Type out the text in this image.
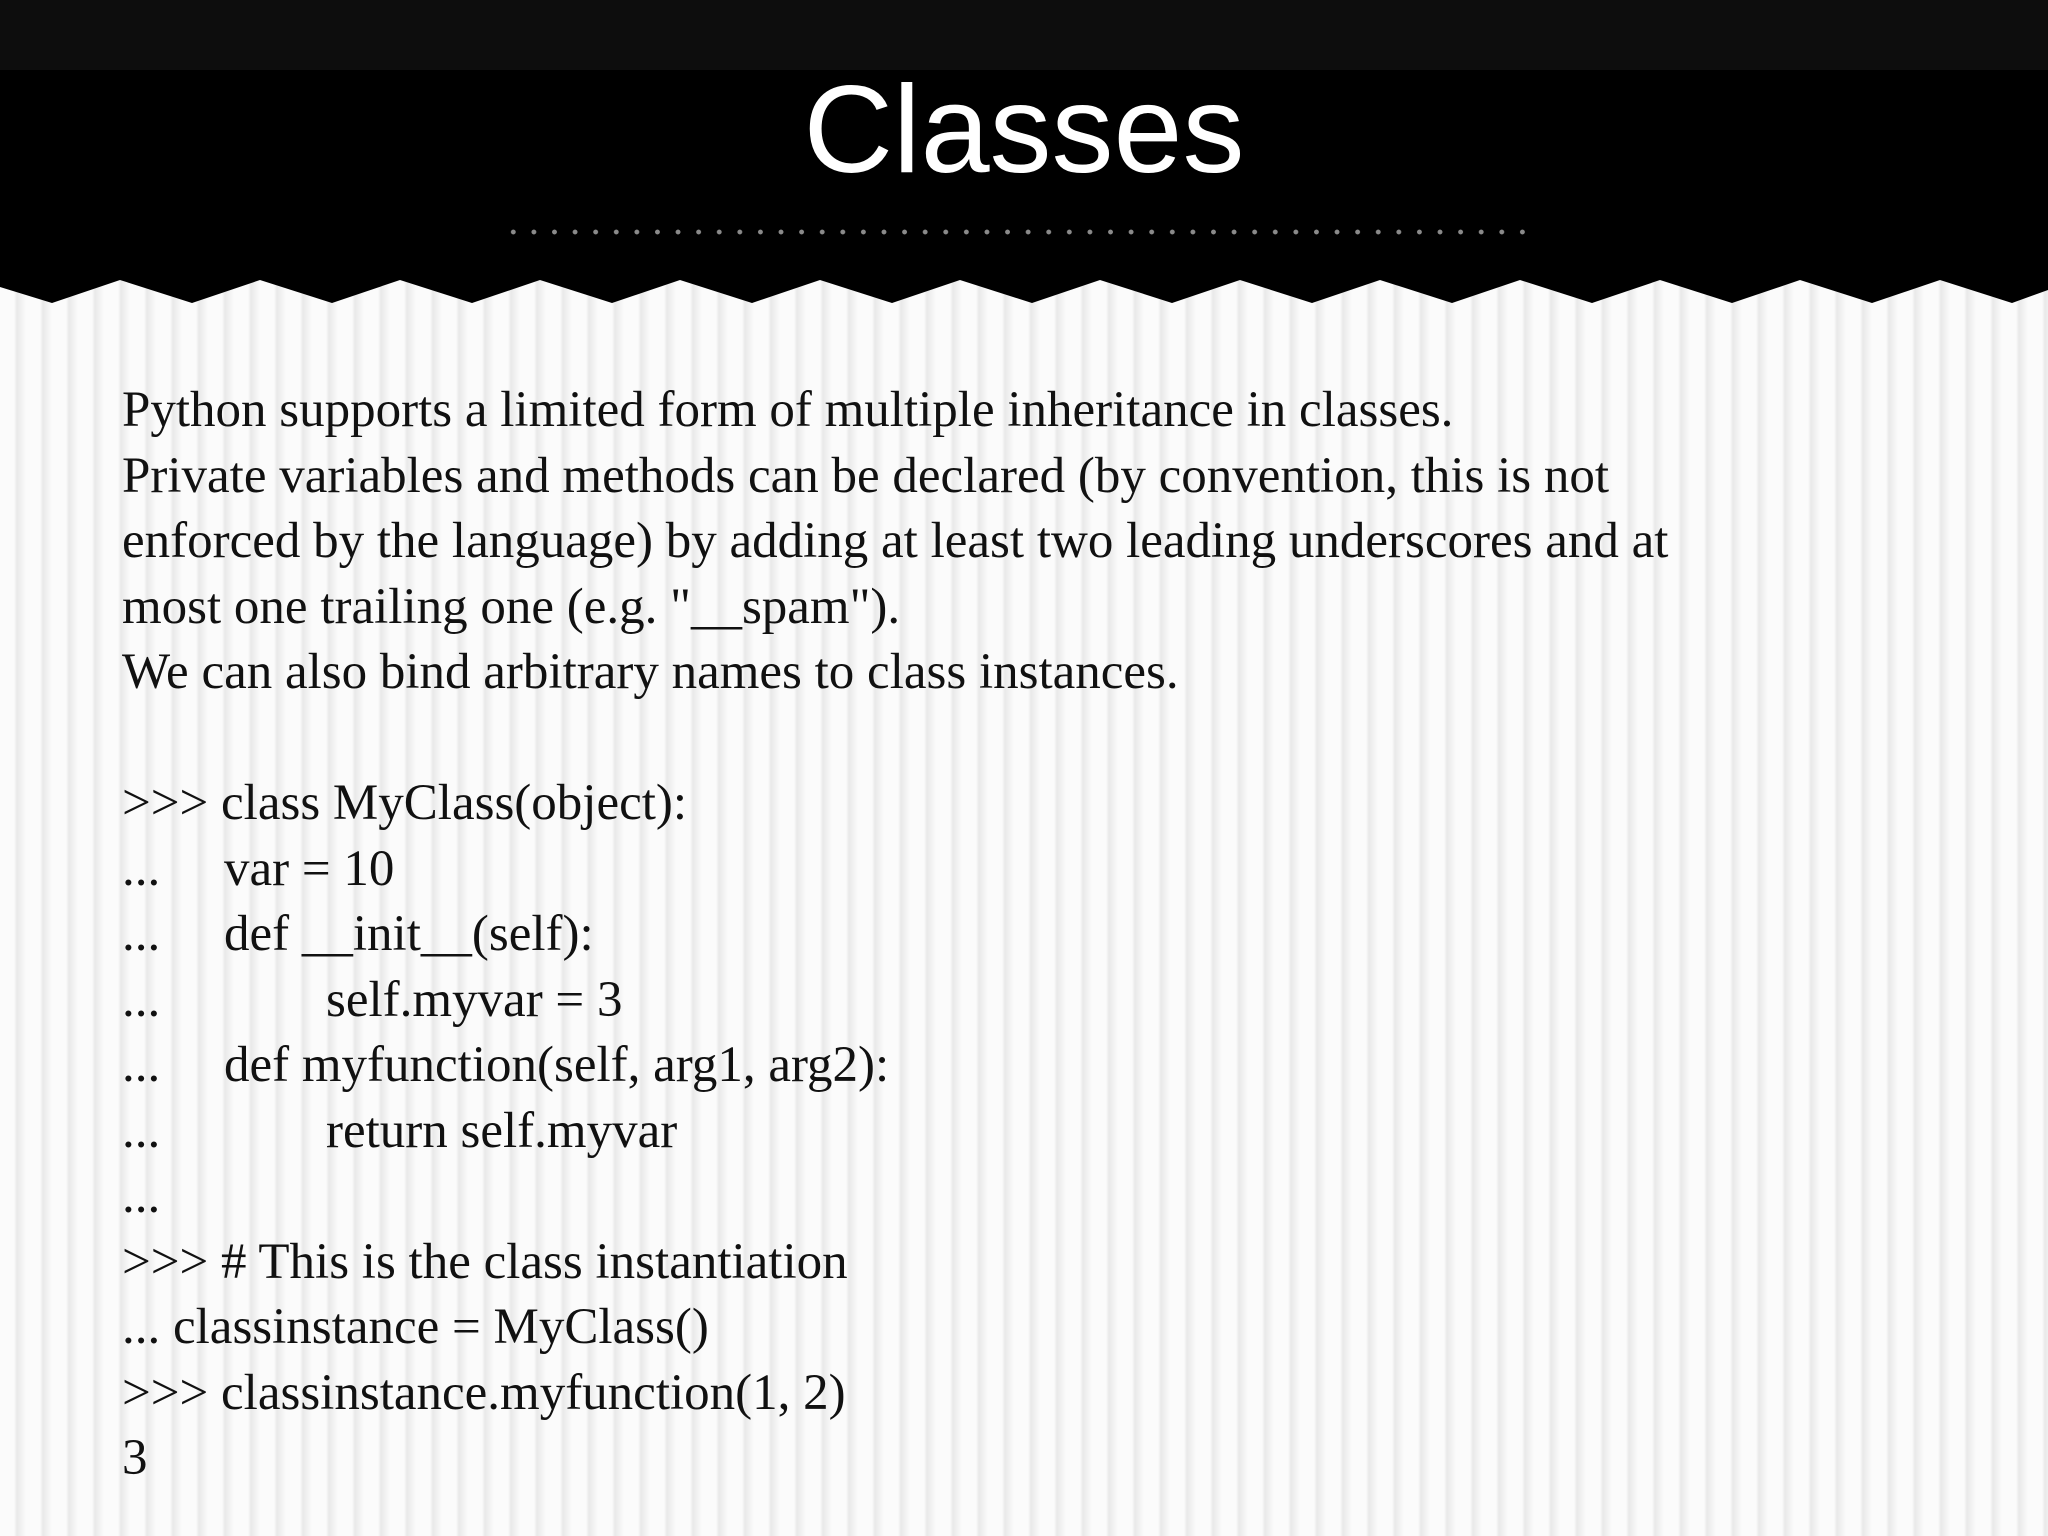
Classes
Python supports a limited form of multiple inheritance in classes.
Private variables and methods can be declared (by convention, this is not
enforced by the language) by adding at least two leading underscores and at
most one trailing one (e.g. "__spam").
We can also bind arbitrary names to class instances.
>>> class MyClass(object):
... var = 10
... def __init__(self):
...	self.myvar = 3
... def myfunction(self, arg1, arg2):
...	return self.myvar
...
>>> # This is the class instantiation
... classinstance = MyClass()
>>> classinstance.myfunction(1, 2)
3
